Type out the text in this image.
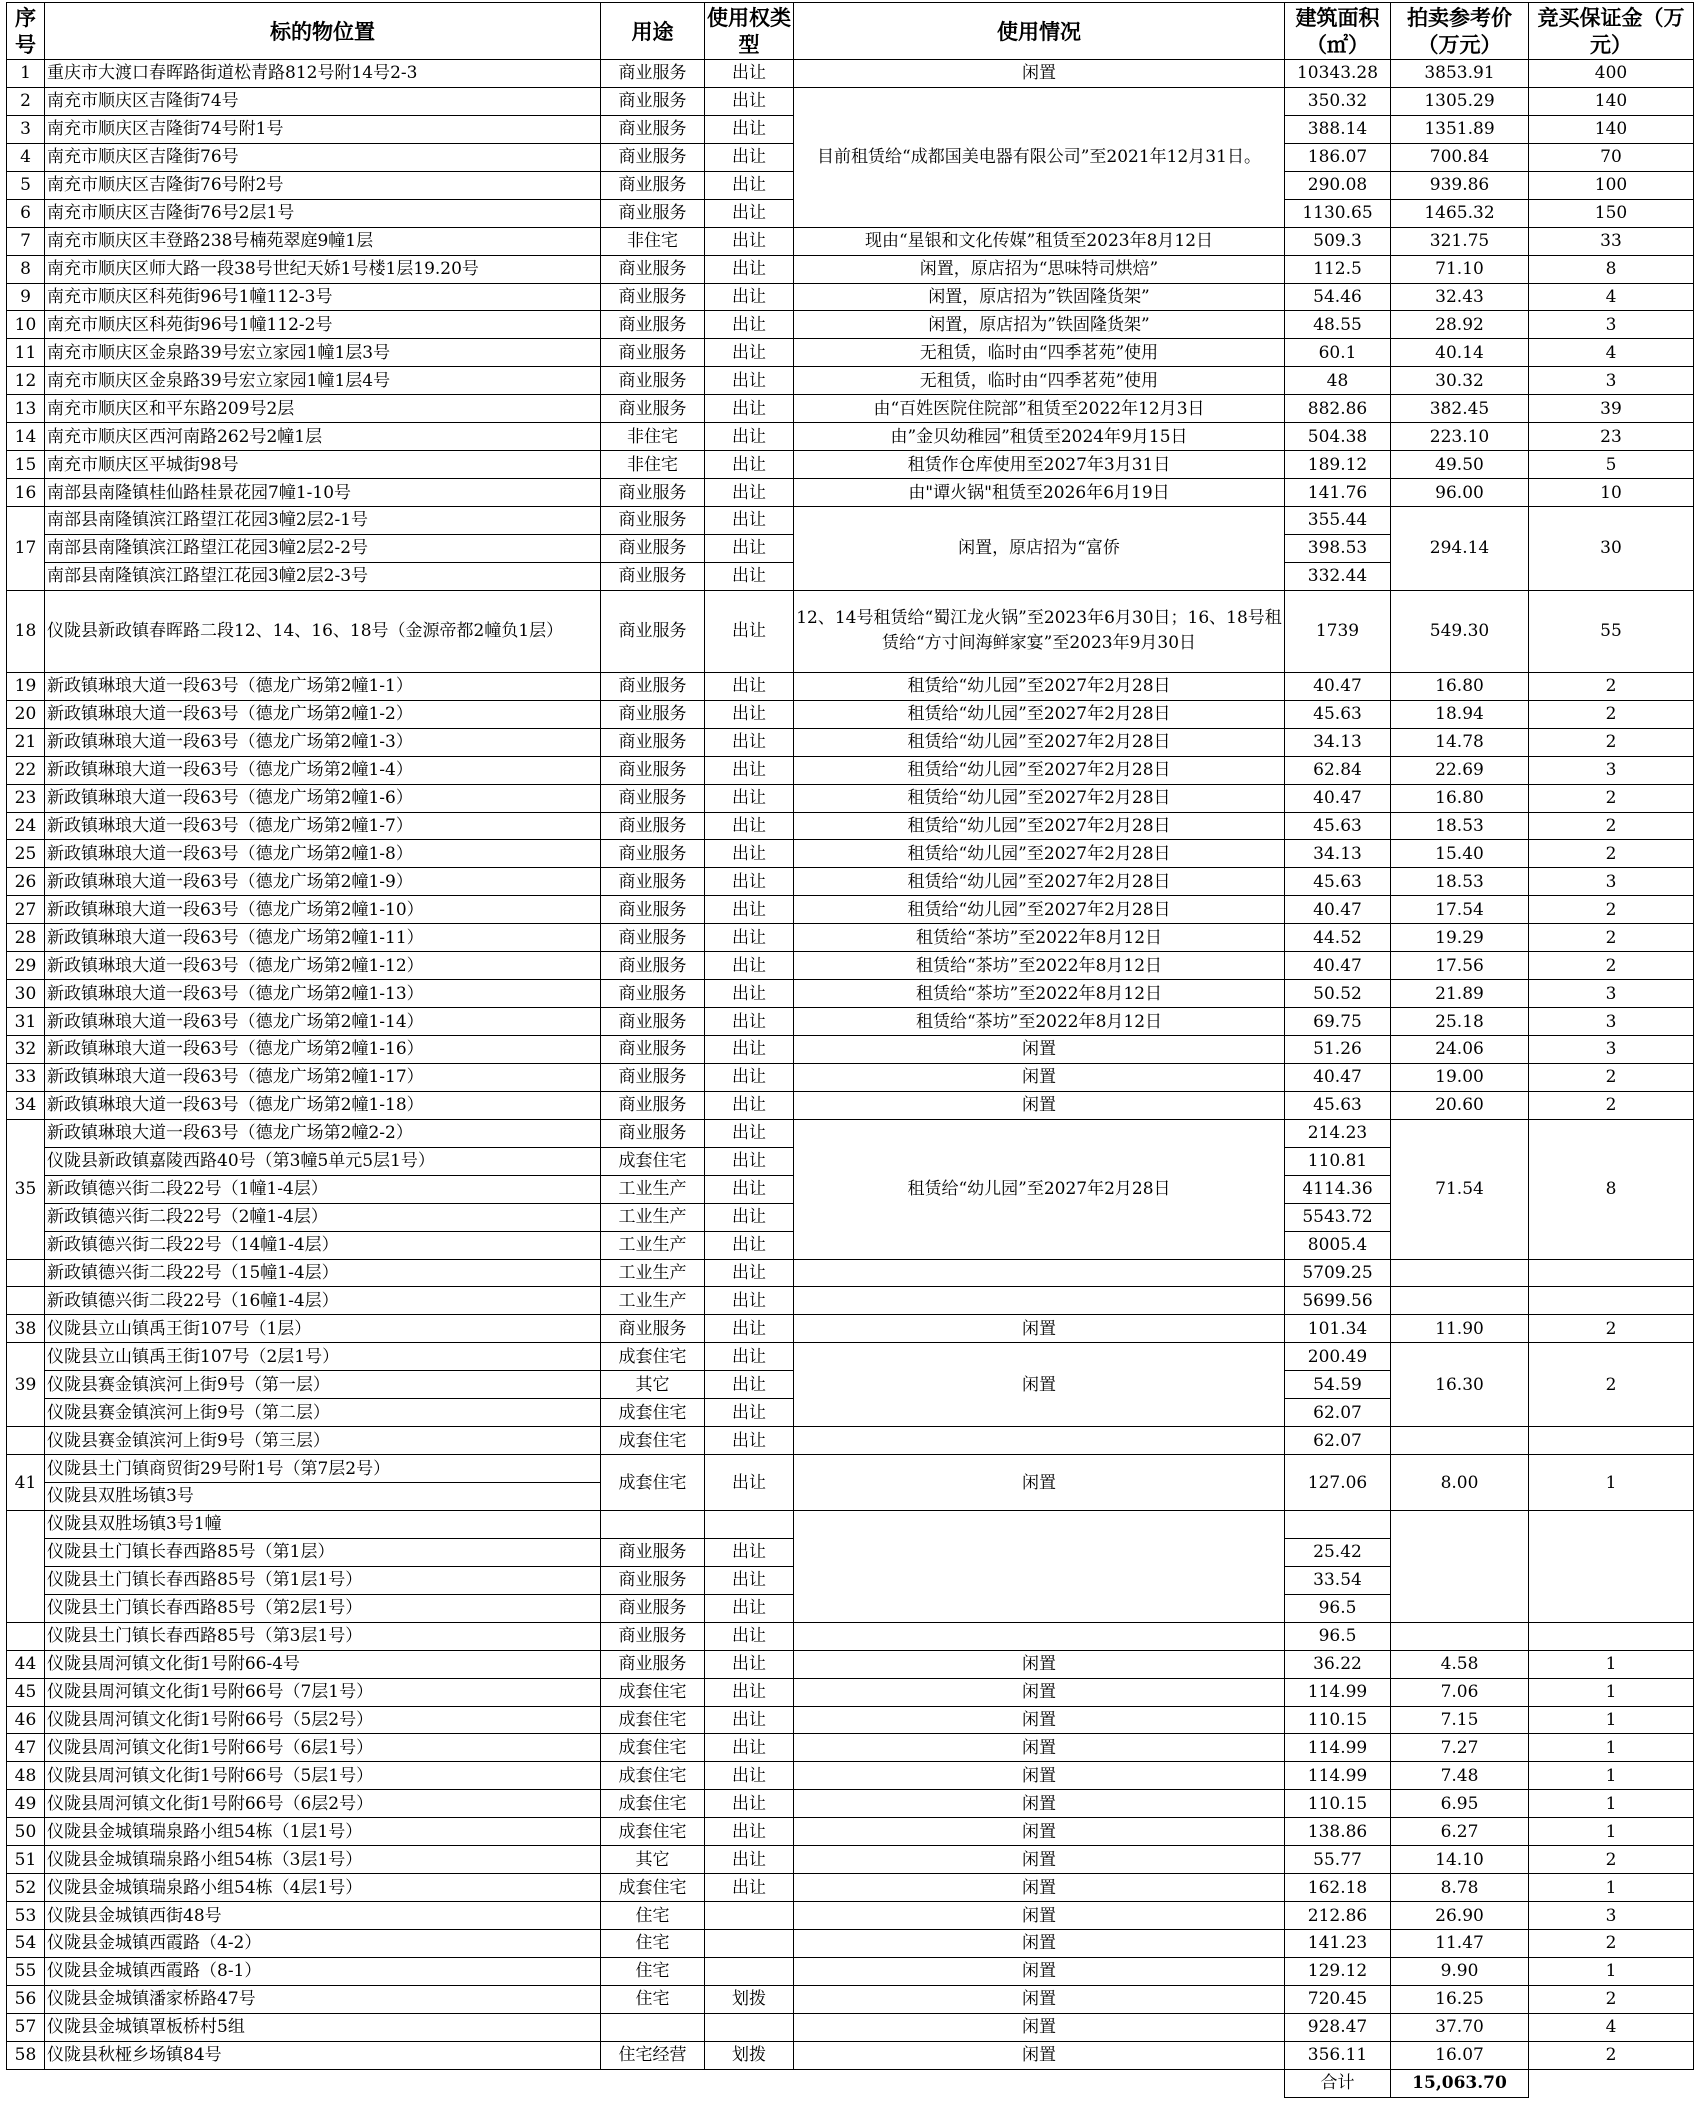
序号	标的物位置	用途	使用权类型	使用情况	建筑面积（㎡）	拍卖参考价（万元）	竞买保证金（万元）
1	重庆市大渡口春晖路街道松青路812号附14号2-3	商业服务	出让	闲置	10343.28	3853.91	400
2	南充市顺庆区吉隆街74号	商业服务	出让	目前租赁给“成都国美电器有限公司”至2021年12月31日。	350.32	1305.29	140
3	南充市顺庆区吉隆街74号附1号	商业服务	出让		388.14	1351.89	140
4	南充市顺庆区吉隆街76号	商业服务	出让		186.07	700.84	70
5	南充市顺庆区吉隆街76号附2号	商业服务	出让		290.08	939.86	100
6	南充市顺庆区吉隆街76号2层1号	商业服务	出让		1130.65	1465.32	150
7	南充市顺庆区丰登路238号楠苑翠庭9幢1层	非住宅	出让	现由“星银和文化传媒”租赁至2023年8月12日	509.3	321.75	33
8	南充市顺庆区师大路一段38号世纪天娇1号楼1层19.20号	商业服务	出让	闲置，原店招为“思味特司烘焙”	112.5	71.10	8
9	南充市顺庆区科苑街96号1幢112-3号	商业服务	出让	闲置，原店招为”铁固隆货架”	54.46	32.43	4
10	南充市顺庆区科苑街96号1幢112-2号	商业服务	出让	闲置，原店招为”铁固隆货架”	48.55	28.92	3
11	南充市顺庆区金泉路39号宏立家园1幢1层3号	商业服务	出让	无租赁，临时由“四季茗苑”使用	60.1	40.14	4
12	南充市顺庆区金泉路39号宏立家园1幢1层4号	商业服务	出让	无租赁，临时由“四季茗苑”使用	48	30.32	3
13	南充市顺庆区和平东路209号2层	商业服务	出让	由“百姓医院住院部”租赁至2022年12月3日	882.86	382.45	39
14	南充市顺庆区西河南路262号2幢1层	非住宅	出让	由”金贝幼稚园”租赁至2024年9月15日	504.38	223.10	23
15	南充市顺庆区平城街98号	非住宅	出让	租赁作仓库使用至2027年3月31日	189.12	49.50	5
16	南部县南隆镇桂仙路桂景花园7幢1-10号	商业服务	出让	由"谭火锅"租赁至2026年6月19日	141.76	96.00	10
17	南部县南隆镇滨江路望江花园3幢2层2-1号	商业服务	出让	闲置，原店招为“富侨	355.44	294.14	30
	南部县南隆镇滨江路望江花园3幢2层2-2号	商业服务	出让		398.53		
	南部县南隆镇滨江路望江花园3幢2层2-3号	商业服务	出让		332.44		
18	仪陇县新政镇春晖路二段12、14、16、18号（金源帝都2幢负1层）	商业服务	出让	12、14号租赁给“蜀江龙火锅”至2023年6月30日；16、18号租赁给“方寸间海鲜家宴”至2023年9月30日	1739	549.30	55
19	新政镇琳琅大道一段63号（德龙广场第2幢1-1）	商业服务	出让	租赁给“幼儿园”至2027年2月28日	40.47	16.80	2
20	新政镇琳琅大道一段63号（德龙广场第2幢1-2）	商业服务	出让	租赁给“幼儿园”至2027年2月28日	45.63	18.94	2
21	新政镇琳琅大道一段63号（德龙广场第2幢1-3）	商业服务	出让	租赁给“幼儿园”至2027年2月28日	34.13	14.78	2
22	新政镇琳琅大道一段63号（德龙广场第2幢1-4）	商业服务	出让	租赁给“幼儿园”至2027年2月28日	62.84	22.69	3
23	新政镇琳琅大道一段63号（德龙广场第2幢1-6）	商业服务	出让	租赁给“幼儿园”至2027年2月28日	40.47	16.80	2
24	新政镇琳琅大道一段63号（德龙广场第2幢1-7）	商业服务	出让	租赁给“幼儿园”至2027年2月28日	45.63	18.53	2
25	新政镇琳琅大道一段63号（德龙广场第2幢1-8）	商业服务	出让	租赁给“幼儿园”至2027年2月28日	34.13	15.40	2
26	新政镇琳琅大道一段63号（德龙广场第2幢1-9）	商业服务	出让	租赁给“幼儿园”至2027年2月28日	45.63	18.53	3
27	新政镇琳琅大道一段63号（德龙广场第2幢1-10）	商业服务	出让	租赁给“幼儿园”至2027年2月28日	40.47	17.54	2
28	新政镇琳琅大道一段63号（德龙广场第2幢1-11）	商业服务	出让	租赁给“茶坊”至2022年8月12日	44.52	19.29	2
29	新政镇琳琅大道一段63号（德龙广场第2幢1-12）	商业服务	出让	租赁给“茶坊”至2022年8月12日	40.47	17.56	2
30	新政镇琳琅大道一段63号（德龙广场第2幢1-13）	商业服务	出让	租赁给“茶坊”至2022年8月12日	50.52	21.89	3
31	新政镇琳琅大道一段63号（德龙广场第2幢1-14）	商业服务	出让	租赁给“茶坊”至2022年8月12日	69.75	25.18	3
32	新政镇琳琅大道一段63号（德龙广场第2幢1-16）	商业服务	出让	闲置	51.26	24.06	3
33	新政镇琳琅大道一段63号（德龙广场第2幢1-17）	商业服务	出让	闲置	40.47	19.00	2
34	新政镇琳琅大道一段63号（德龙广场第2幢1-18）	商业服务	出让	闲置	45.63	20.60	2
35	新政镇琳琅大道一段63号（德龙广场第2幢2-2）	商业服务	出让	租赁给“幼儿园”至2027年2月28日	214.23	71.54	8
	仪陇县新政镇嘉陵西路40号（第3幢5单元5层1号）	成套住宅	出让		110.81		
	新政镇德兴街二段22号（1幢1-4层）	工业生产	出让		4114.36		
	新政镇德兴街二段22号（2幢1-4层）	工业生产	出让		5543.72		
	新政镇德兴街二段22号（14幢1-4层）	工业生产	出让		8005.4		
	新政镇德兴街二段22号（15幢1-4层）	工业生产	出让		5709.25		
	新政镇德兴街二段22号（16幢1-4层）	工业生产	出让		5699.56		
38	仪陇县立山镇禹王街107号（1层）	商业服务	出让	闲置	101.34	11.90	2
39	仪陇县立山镇禹王街107号（2层1号）	成套住宅	出让	闲置	200.49	16.30	2
	仪陇县赛金镇滨河上街9号（第一层）	其它	出让		54.59		
	仪陇县赛金镇滨河上街9号（第二层）	成套住宅	出让		62.07		
	仪陇县赛金镇滨河上街9号（第三层）	成套住宅	出让		62.07		
41	仪陇县土门镇商贸街29号附1号（第7层2号）	成套住宅	出让	闲置	127.06	8.00	1
	仪陇县双胜场镇3号						
	仪陇县双胜场镇3号1幢						
	仪陇县土门镇长春西路85号（第1层）	商业服务	出让		25.42		
	仪陇县土门镇长春西路85号（第1层1号）	商业服务	出让		33.54		
	仪陇县土门镇长春西路85号（第2层1号）	商业服务	出让		96.5		
	仪陇县土门镇长春西路85号（第3层1号）	商业服务	出让		96.5		
44	仪陇县周河镇文化街1号附66-4号	商业服务	出让	闲置	36.22	4.58	1
45	仪陇县周河镇文化街1号附66号（7层1号）	成套住宅	出让	闲置	114.99	7.06	1
46	仪陇县周河镇文化街1号附66号（5层2号）	成套住宅	出让	闲置	110.15	7.15	1
47	仪陇县周河镇文化街1号附66号（6层1号）	成套住宅	出让	闲置	114.99	7.27	1
48	仪陇县周河镇文化街1号附66号（5层1号）	成套住宅	出让	闲置	114.99	7.48	1
49	仪陇县周河镇文化街1号附66号（6层2号）	成套住宅	出让	闲置	110.15	6.95	1
50	仪陇县金城镇瑞泉路小组54栋（1层1号）	成套住宅	出让	闲置	138.86	6.27	1
51	仪陇县金城镇瑞泉路小组54栋（3层1号）	其它	出让	闲置	55.77	14.10	2
52	仪陇县金城镇瑞泉路小组54栋（4层1号）	成套住宅	出让	闲置	162.18	8.78	1
53	仪陇县金城镇西街48号	住宅		闲置	212.86	26.90	3
54	仪陇县金城镇西霞路（4-2）	住宅		闲置	141.23	11.47	2
55	仪陇县金城镇西霞路（8-1）	住宅		闲置	129.12	9.90	1
56	仪陇县金城镇潘家桥路47号	住宅	划拨	闲置	720.45	16.25	2
57	仪陇县金城镇罩板桥村5组			闲置	928.47	37.70	4
58	仪陇县秋桠乡场镇84号	住宅经营	划拨	闲置	356.11	16.07	2
					合计	15,063.70	
